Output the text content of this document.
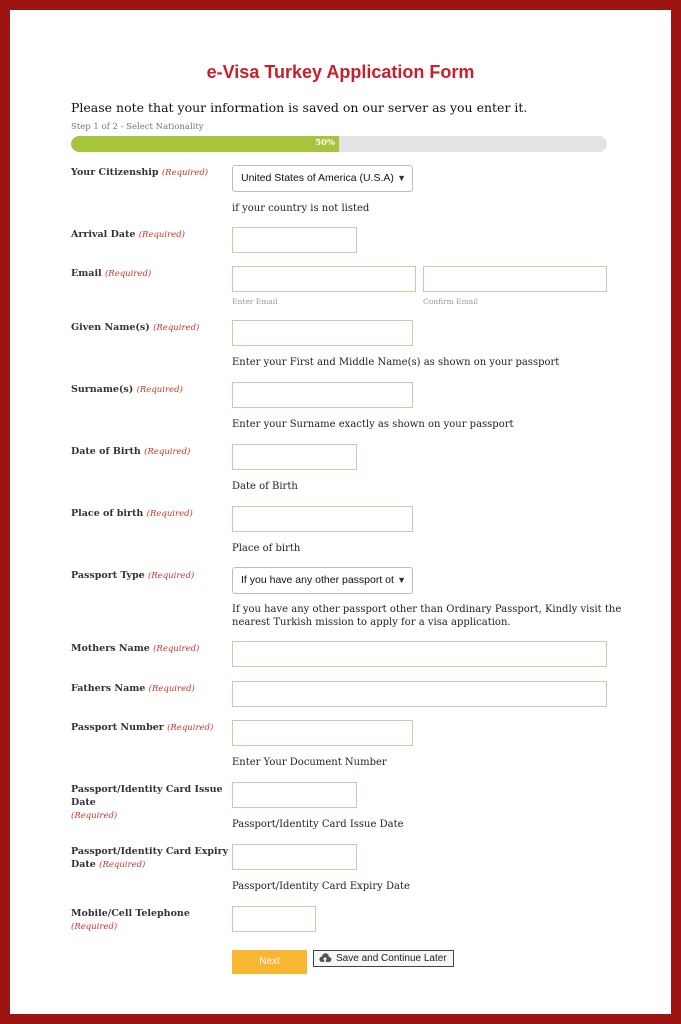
e-Visa Turkey Application Form
Please note that your information is saved on our server as you enter it.
Step 1 of 2 - Select Nationality
50%
Your Citizenship (Required)	United States of America (U.S.A) ▼
if your country is not listed
Arrival Date (Required)
Email (Required)
Enter Email	Confirm Email
Given Name(s) (Required)
Enter your First and Middle Name(s) as shown on your passport
Surname(s) (Required)
Enter your Surname exactly as shown on your passport
Date of Birth (Required)
Date of Birth
Place of birth (Required)
Place of birth
Passport Type (Required)	If you have any other passport ot ▼
If you have any other passport other than Ordinary Passport, Kindly visit the
nearest Turkish mission to apply for a visa application.
Mothers Name (Required)
Fathers Name (Required)
Passport Number (Required)
Enter Your Document Number
Passport/Identity Card Issue Date
(Required)
Passport/Identity Card Issue Date
Passport/Identity Card Expiry
Date (Required)
Passport/Identity Card Expiry Date
Mobile/Cell Telephone (Required)
Next	Save and Continue Later
